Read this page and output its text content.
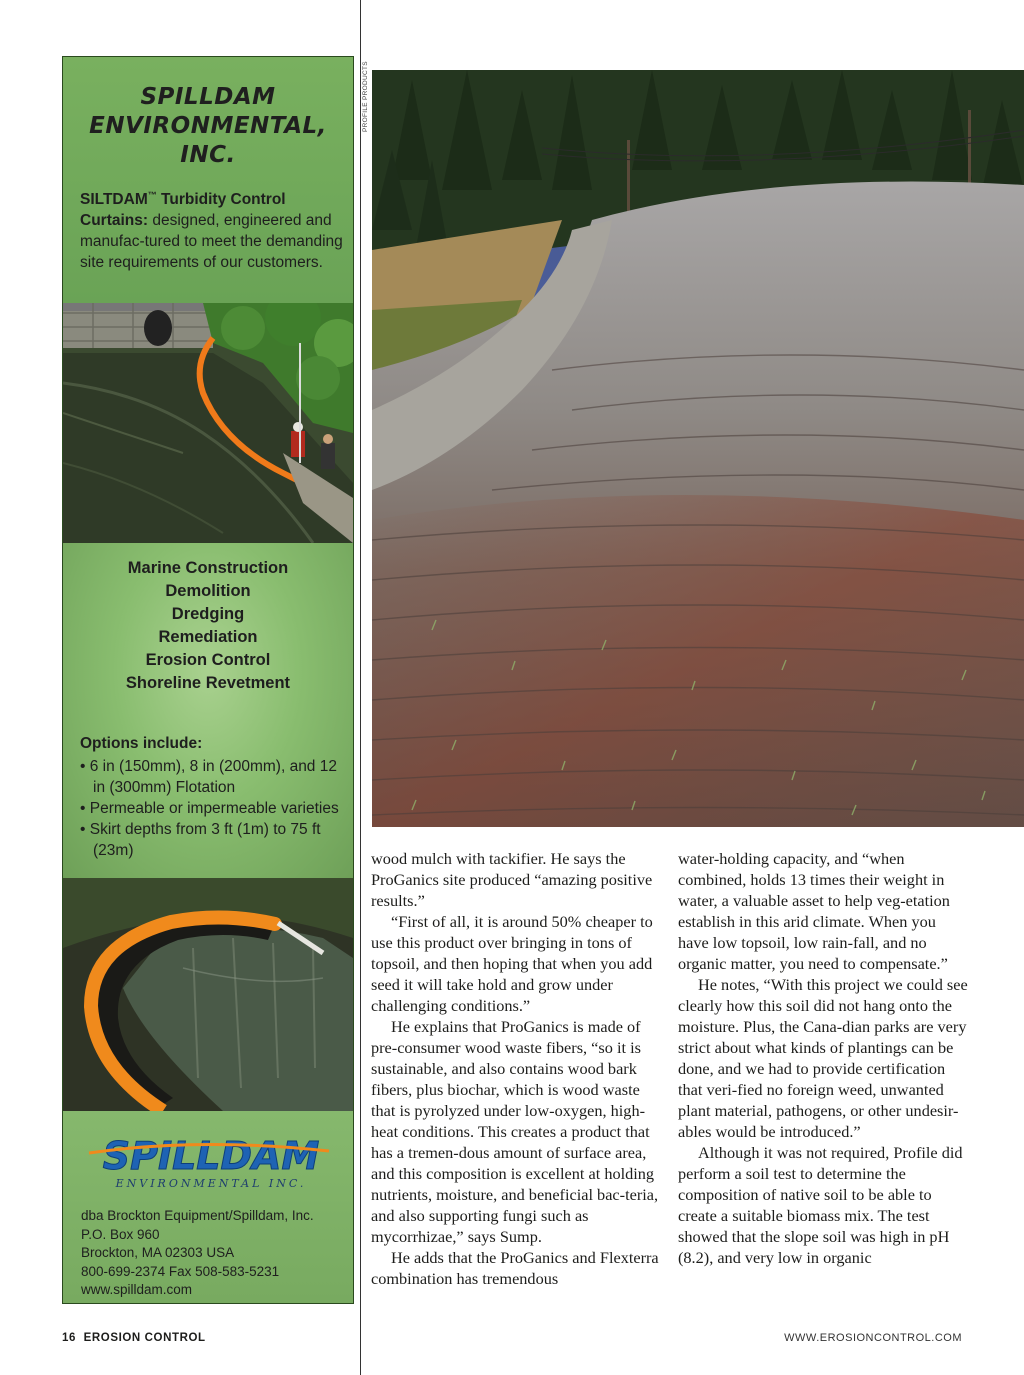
SPILLDAM
ENVIRONMENTAL,
INC.
SILTDAM™ Turbidity Control Curtains: designed, engineered and manufac-tured to meet the demanding site requirements of our customers.
Marine Construction
Demolition
Dredging
Remediation
Erosion Control
Shoreline Revetment
Options include:
• 6 in (150mm), 8 in (200mm), and 12 in (300mm) Flotation
• Permeable or impermeable varieties
• Skirt depths from 3 ft (1m) to 75 ft (23m)
SPILLDAM
ENVIRONMENTAL INC.
dba Brockton Equipment/Spilldam, Inc.
P.O. Box 960
Brockton, MA 02303 USA
800-699-2374 Fax 508-583-5231
www.spilldam.com
PROFILE PRODUCTS

wood mulch with tackifier. He says the ProGanics site produced “amazing positive results.”

“First of all, it is around 50% cheaper to use this product over bringing in tons of topsoil, and then hoping that when you add seed it will take hold and grow under challenging conditions.”

He explains that ProGanics is made of pre-consumer wood waste fibers, “so it is sustainable, and also contains wood bark fibers, plus biochar, which is wood waste that is pyrolyzed under low-oxygen, high-heat conditions. This creates a product that has a tremen-dous amount of surface area, and this composition is excellent at holding nutrients, moisture, and beneficial bac-teria, and also supporting fungi such as mycorrhizae,” says Sump.

He adds that the ProGanics and Flexterra combination has tremendous

water-holding capacity, and “when combined, holds 13 times their weight in water, a valuable asset to help veg-etation establish in this arid climate. When you have low topsoil, low rain-fall, and no organic matter, you need to compensate.”

He notes, “With this project we could see clearly how this soil did not hang onto the moisture. Plus, the Cana-dian parks are very strict about what kinds of plantings can be done, and we had to provide certification that veri-fied no foreign weed, unwanted plant material, pathogens, or other undesir-ables would be introduced.”

Although it was not required, Profile did perform a soil test to determine the composition of native soil to be able to create a suitable biomass mix. The test showed that the slope soil was high in pH (8.2), and very low in organic

16 EROSION CONTROL	WWW.EROSIONCONTROL.COM
